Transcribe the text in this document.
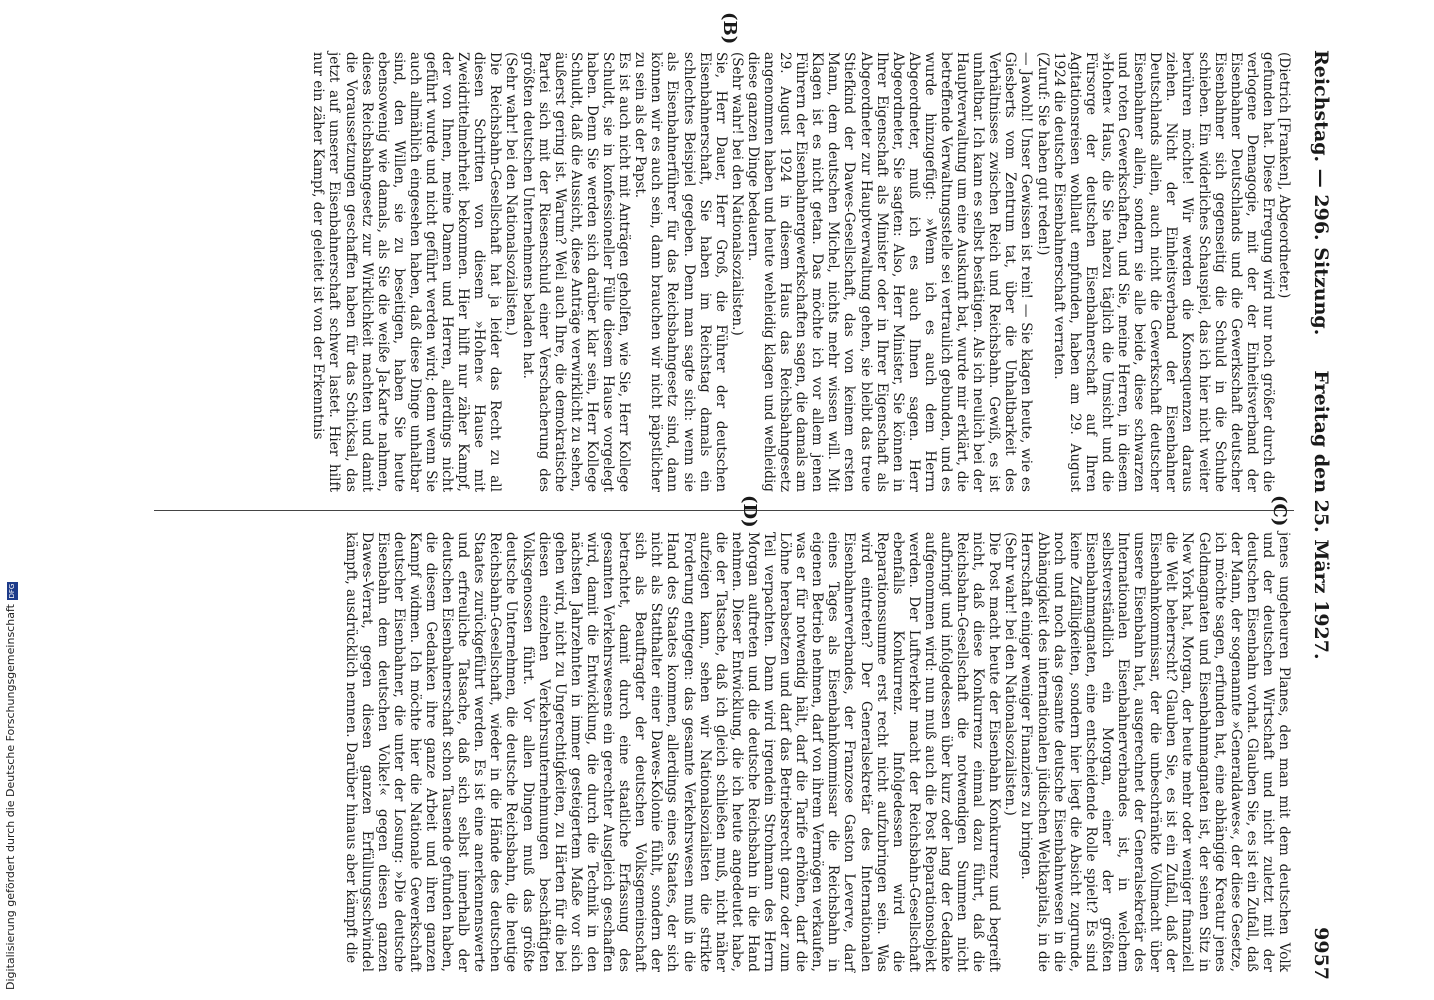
Reichstag. — 296. Sitzung.
Freitag den 25. März 1927.
9957
(Dietrich [Franken], Abgeordneter.)
gefunden hat. Diese Erregung wird nur noch größer durch die verlogene Demagogie, mit der der Einheitsverband der Eisenbahner Deutschlands und die Gewerkschaft deutscher Eisenbahner sich gegenseitig die Schuld in die Schuhe schieben. Ein widerliches Schauspiel, das ich hier nicht weiter berühren möchte! Wir werden die Konsequenzen daraus ziehen. Nicht der Einheitsverband der Eisenbahner Deutschlands allein, auch nicht die Gewerkschaft deutscher Eisenbahner allein, sondern sie alle beide, diese schwarzen und roten Gewerkschaften, und Sie, meine Herren, in diesem »Hohen« Haus, die Sie nahezu täglich die Umsicht und die Fürsorge der deutschen Eisenbahnerschaft auf Ihren Agitationsreisen wohllaut empfunden, haben am 29. August 1924 die deutsche Eisenbahnerschaft verraten.
(Zuruf: Sie haben gut reden!)
— Jawohl! Unser Gewissen ist rein! — Sie klagen heute, wie es Giesberts vom Zentrum tat, über die Unhaltbarkeit des Verhältnisses zwischen Reich und Reichsbahn. Gewiß, es ist unhaltbar. Ich kann es selbst bestätigen. Als ich neulich bei der Hauptverwaltung um eine Auskunft bat, wurde mir erklärt, die betreffende Verwaltungsstelle sei vertraulich gebunden, und es wurde hinzugefügt: »Wenn ich es auch dem Herrn Abgeordneter, muß ich es auch Ihnen sagen. Herr Abgeordneter, Sie sagten: Also, Herr Minister, Sie können in Ihrer Eigenschaft als Minister oder in Ihrer Eigenschaft als Abgeordneter zur Hauptverwaltung gehen, sie bleibt das treue Stiefkind der Dawes-Gesellschaft, das von keinem ersten Mann, dem deutschen Michel, nichts mehr wissen will. Mit Klagen ist es nicht getan. Das möchte ich vor allem jenen Führern der Eisenbahnergewerkschaften sagen, die damals am 29. August 1924 in diesem Haus das Reichsbahngesetz angenommen haben und heute wehleidig klagen und wehleidig diese ganzen Dinge bedauern.
(Sehr wahr! bei den Nationalsozialisten.)
Sie, Herr Dauer, Herr Groß, die Führer der deutschen Eisenbahnerschaft, Sie haben im Reichstag damals ein schlechtes Beispiel gegeben. Denn man sagte sich: wenn sie als Eisenbahnerführer für das Reichsbahngesetz sind, dann können wir es auch sein, dann brauchen wir nicht päpstlicher zu sein als der Papst.
Es ist auch nicht mit Anträgen geholfen, wie Sie, Herr Kollege Schuldt, sie in konfessioneller Fülle diesem Hause vorgelegt haben. Denn Sie werden sich darüber klar sein, Herr Kollege Schuldt, daß die Aussicht, diese Anträge verwirklicht zu sehen, äußerst gering ist. Warum? Weil auch Ihre, die demokratische Partei sich mit der Riesenschuld einer Verschacherung des größten deutschen Unternehmens beladen hat.
(Sehr wahr! bei den Nationalsozialisten.)
Die Reichsbahn-Gesellschaft hat ja leider das Recht zu all diesen Schritten von diesem »Hohen« Hause mit Zweidrittelmehrheit bekommen. Hier hilft nur zäher Kampf, der von Ihnen, meine Damen und Herren, allerdings nicht geführt wurde und nicht geführt werden wird; denn wenn Sie auch allmählich eingesehen haben, daß diese Dinge unhaltbar sind, den Willen, sie zu beseitigen, haben Sie heute ebensowenig wie damals, als Sie die weiße Ja-Karte nahmen, dieses Reichsbahngesetz zur Wirklichkeit machten und damit die Voraussetzungen geschaffen haben für das Schicksal, das jetzt auf unserer Eisenbahnerschaft schwer lastet. Hier hilft nur ein zäher Kampf, der geleitet ist von der Erkenntnis
jenes ungeheuren Planes, den man mit dem deutschen Volk und der deutschen Wirtschaft und nicht zuletzt mit der deutschen Eisenbahn vorhat. Glauben Sie, es ist ein Zufall, daß der Mann, der sogenannte »Generaldawes«, der diese Gesetze, ich möchte sagen, erfunden hat, eine abhängige Kreatur jenes Geldmagnaten und Eisenbahnmagnaten ist, der seinen Sitz in New York hat, Morgan, der heute mehr oder weniger finanziell die Welt beherrscht? Glauben Sie, es ist ein Zufall, daß der Eisenbahnkommissar, der die unbeschränkte Vollmacht über unsere Eisenbahn hat, ausgerechnet der Generalsekretär des Internationalen Eisenbahnerverbandes ist, in welchem selbstverständlich ein Morgan, einer der größten Eisenbahnmagnaten, eine entscheidende Rolle spielt? Es sind keine Zufälligkeiten, sondern hier liegt die Absicht zugrunde, noch und noch das gesamte deutsche Eisenbahnwesen in die Abhängigkeit des internationalen jüdischen Weltkapitals, in die Herrschaft einiger weniger Finanziers zu bringen.
(Sehr wahr! bei den Nationalsozialisten.)
Die Post macht heute der Eisenbahn Konkurrenz und begreift nicht, daß diese Konkurrenz einmal dazu führt, daß die Reichsbahn-Gesellschaft die notwendigen Summen nicht aufbringt und infolgedessen über kurz oder lang der Gedanke aufgenommen wird: nun muß auch die Post Reparationsobjekt werden. Der Luftverkehr macht der Reichsbahn-Gesellschaft ebenfalls Konkurrenz. Infolgedessen wird die Reparationssumme erst recht nicht aufzubringen sein. Was wird eintreten? Der Generalsekretär des Internationalen Eisenbahnerverbandes, der Franzose Gaston Leverve, darf eines Tages als Eisenbahnkommissar die Reichsbahn in eigenen Betrieb nehmen, darf von ihrem Vermögen verkaufen, was er für notwendig hält, darf die Tarife erhöhen, darf die Löhne herabsetzen und darf das Betriebsrecht ganz oder zum Teil verpachten. Dann wird irgendein Strohmann des Herrn Morgan auftreten und die deutsche Reichsbahn in die Hand nehmen. Dieser Entwicklung, die ich heute angedeutet habe, die der Tatsache, daß ich gleich schließen muß, nicht näher aufzeigen kann, sehen wir Nationalsozialisten die strikte Forderung entgegen: das gesamte Verkehrswesen muß in die Hand des Staates kommen, allerdings eines Staates, der sich nicht als Statthalter einer Dawes-Kolonie fühlt, sondern der sich als Beauftragter der deutschen Volksgemeinschaft betrachtet, damit durch eine staatliche Erfassung des gesamten Verkehrswesens ein gerechter Ausgleich geschaffen wird, damit die Entwicklung, die durch die Technik in den nächsten Jahrzehnten in immer gesteigertem Maße vor sich gehen wird, nicht zu Ungerechtigkeiten, zu Härten für die bei diesen einzelnen Verkehrsunternehmungen beschäftigten Volksgenossen führt. Vor allen Dingen muß das größte deutsche Unternehmen, die deutsche Reichsbahn, die heutige Reichsbahn-Gesellschaft, wieder in die Hände des deutschen Staates zurückgeführt werden. Es ist eine anerkennenswerte und erfreuliche Tatsache, daß sich selbst innerhalb der deutschen Eisenbahnerschaft schon Tausende gefunden haben, die diesem Gedanken ihre ganze Arbeit und ihren ganzen Kampf widmen. Ich möchte hier die Nationale Gewerkschaft deutscher Eisenbahner, die unter der Losung: »Die deutsche Eisenbahn dem deutschen Volke!« gegen diesen ganzen Dawes-Verrat, gegen diesen ganzen Erfüllungsschwindel kämpft, ausdrücklich nennen. Darüber hinaus aber kämpft die
(C)
(D)
(B)
Digitalisierung gefördert durch die Deutsche ForschungsgemeinschaftDFG
